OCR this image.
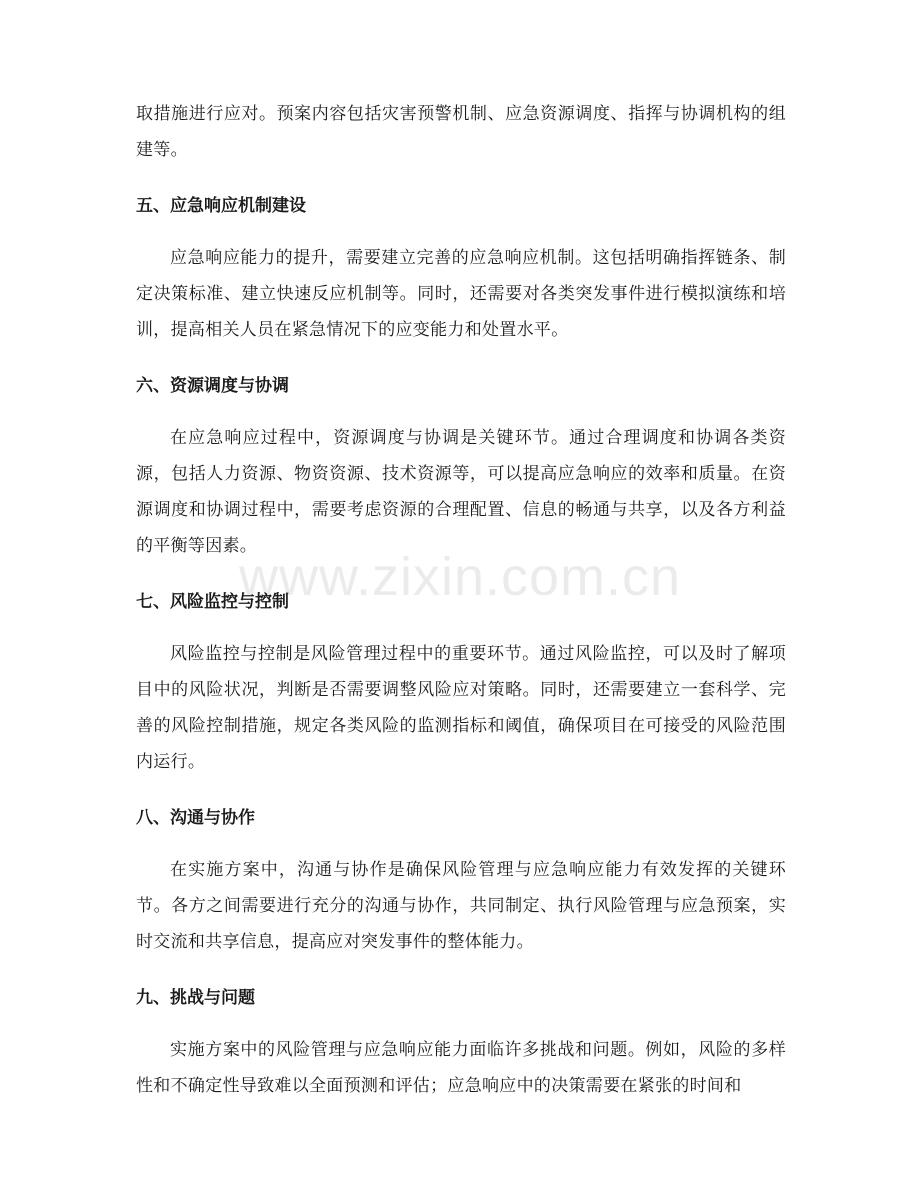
www.zixin.com.cn

取措施进行应对。预案内容包括灾害预警机制、应急资源调度、指挥与协调机构的组建等。

五、应急响应机制建设

应急响应能力的提升，需要建立完善的应急响应机制。这包括明确指挥链条、制定决策标准、建立快速反应机制等。同时，还需要对各类突发事件进行模拟演练和培训，提高相关人员在紧急情况下的应变能力和处置水平。

六、资源调度与协调

在应急响应过程中，资源调度与协调是关键环节。通过合理调度和协调各类资源，包括人力资源、物资资源、技术资源等，可以提高应急响应的效率和质量。在资源调度和协调过程中，需要考虑资源的合理配置、信息的畅通与共享，以及各方利益的平衡等因素。

七、风险监控与控制

风险监控与控制是风险管理过程中的重要环节。通过风险监控，可以及时了解项目中的风险状况，判断是否需要调整风险应对策略。同时，还需要建立一套科学、完善的风险控制措施，规定各类风险的监测指标和阈值，确保项目在可接受的风险范围内运行。

八、沟通与协作

在实施方案中，沟通与协作是确保风险管理与应急响应能力有效发挥的关键环节。各方之间需要进行充分的沟通与协作，共同制定、执行风险管理与应急预案，实时交流和共享信息，提高应对突发事件的整体能力。

九、挑战与问题

实施方案中的风险管理与应急响应能力面临许多挑战和问题。例如，风险的多样性和不确定性导致难以全面预测和评估；应急响应中的决策需要在紧张的时间和
